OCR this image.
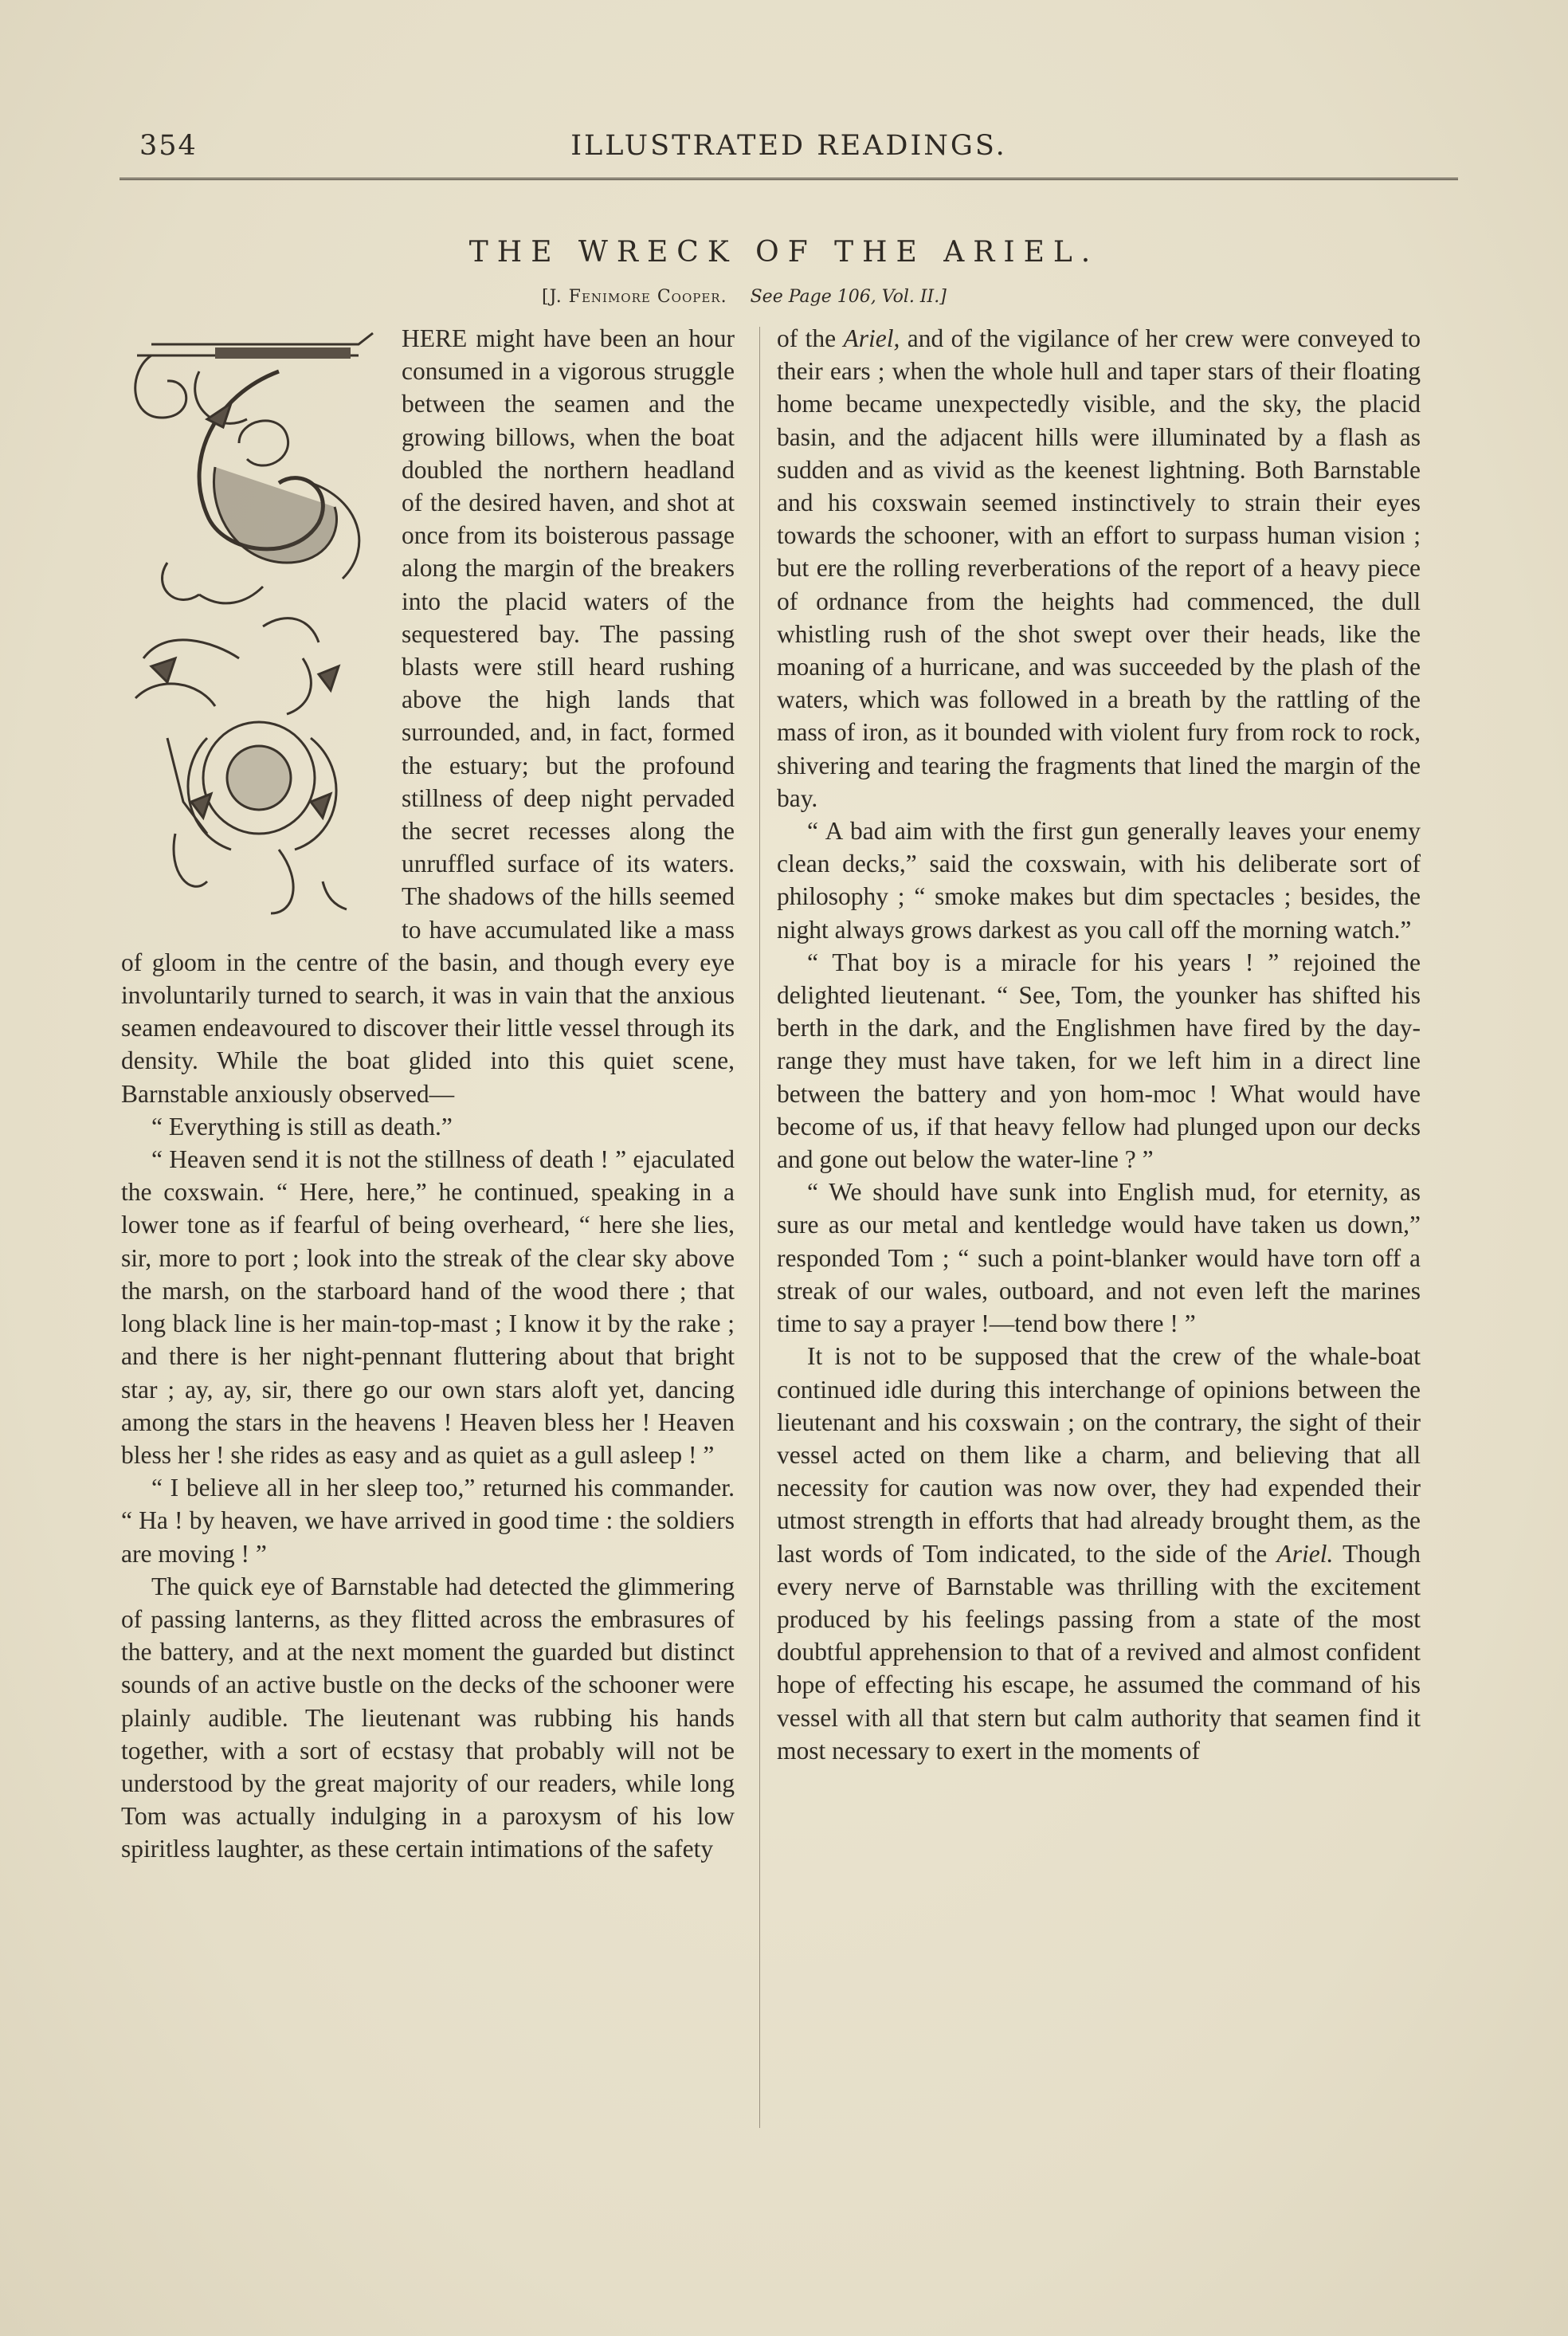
354	ILLUSTRATED READINGS.
THE WRECK OF THE ARIEL.
[J. Fenimore Cooper. See Page 106, Vol. II.]

HERE might have been an hour consumed in a vigorous struggle between the seamen and the growing billows, when the boat doubled the northern headland of the desired haven, and shot at once from its boisterous passage along the margin of the breakers into the placid waters of the sequestered bay. The passing blasts were still heard rushing above the high lands that surrounded, and, in fact, formed the estuary; but the profound stillness of deep night pervaded the secret recesses along the unruffled surface of its waters. The shadows of the hills seemed to have accumulated like a mass of gloom in the centre of the basin, and though every eye involuntarily turned to search, it was in vain that the anxious seamen endeavoured to discover their little vessel through its density. While the boat glided into this quiet scene, Barnstable anxiously observed—

“ Everything is still as death.”

“ Heaven send it is not the stillness of death ! ” ejaculated the coxswain. “ Here, here,” he continued, speaking in a lower tone as if fearful of being overheard, “ here she lies, sir, more to port ; look into the streak of the clear sky above the marsh, on the starboard hand of the wood there ; that long black line is her main-top-mast ; I know it by the rake ; and there is her night-pennant fluttering about that bright star ; ay, ay, sir, there go our own stars aloft yet, dancing among the stars in the heavens ! Heaven bless her ! Heaven bless her ! she rides as easy and as quiet as a gull asleep ! ”

“ I believe all in her sleep too,” returned his commander. “ Ha ! by heaven, we have arrived in good time : the soldiers are moving ! ”

The quick eye of Barnstable had detected the glimmering of passing lanterns, as they flitted across the embrasures of the battery, and at the next moment the guarded but distinct sounds of an active bustle on the decks of the schooner were plainly audible. The lieutenant was rubbing his hands together, with a sort of ecstasy that probably will not be understood by the great majority of our readers, while long Tom was actually indulging in a paroxysm of his low spiritless laughter, as these certain intimations of the safety

of the Ariel, and of the vigilance of her crew were conveyed to their ears ; when the whole hull and taper stars of their floating home became unexpectedly visible, and the sky, the placid basin, and the adjacent hills were illuminated by a flash as sudden and as vivid as the keenest lightning. Both Barnstable and his coxswain seemed instinctively to strain their eyes towards the schooner, with an effort to surpass human vision ; but ere the rolling reverberations of the report of a heavy piece of ordnance from the heights had commenced, the dull whistling rush of the shot swept over their heads, like the moaning of a hurricane, and was succeeded by the plash of the waters, which was followed in a breath by the rattling of the mass of iron, as it bounded with violent fury from rock to rock, shivering and tearing the fragments that lined the margin of the bay.

“ A bad aim with the first gun generally leaves your enemy clean decks,” said the coxswain, with his deliberate sort of philosophy ; “ smoke makes but dim spectacles ; besides, the night always grows darkest as you call off the morning watch.”

“ That boy is a miracle for his years ! ” rejoined the delighted lieutenant. “ See, Tom, the younker has shifted his berth in the dark, and the Englishmen have fired by the day-range they must have taken, for we left him in a direct line between the battery and yon hom-moc ! What would have become of us, if that heavy fellow had plunged upon our decks and gone out below the water-line ? ”

“ We should have sunk into English mud, for eternity, as sure as our metal and kentledge would have taken us down,” responded Tom ; “ such a point-blanker would have torn off a streak of our wales, outboard, and not even left the marines time to say a prayer !—tend bow there ! ”

It is not to be supposed that the crew of the whale-boat continued idle during this interchange of opinions between the lieutenant and his coxswain ; on the contrary, the sight of their vessel acted on them like a charm, and believing that all necessity for caution was now over, they had expended their utmost strength in efforts that had already brought them, as the last words of Tom indicated, to the side of the Ariel. Though every nerve of Barnstable was thrilling with the excitement produced by his feelings passing from a state of the most doubtful apprehension to that of a revived and almost confident hope of effecting his escape, he assumed the command of his vessel with all that stern but calm authority that seamen find it most necessary to exert in the moments of
